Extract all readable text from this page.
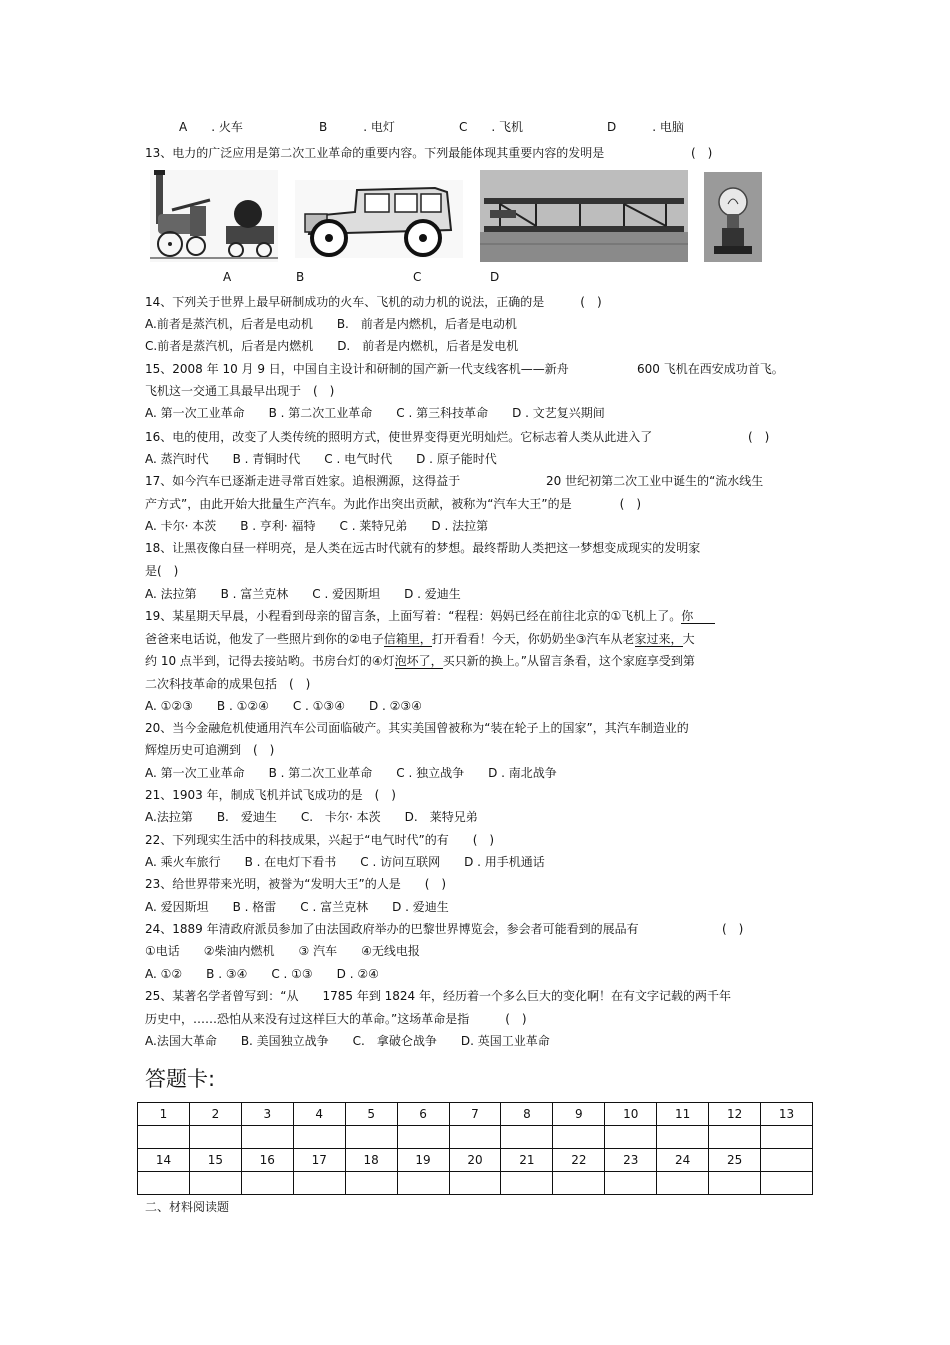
A　　. 火车	B　　　. 电灯	C　　. 飞机	D　　　. 电脑
13、电力的广泛应用是第二次工业革命的重要内容。下列最能体现其重要内容的发明是	(　)
A	B	C	D
14、下列关于世界上最早研制成功的火车、飞机的动力机的说法，正确的是　　　(　)
A.前者是蒸汽机，后者是电动机　　B.　前者是内燃机，后者是电动机
C.前者是蒸汽机，后者是内燃机　　D.　前者是内燃机，后者是发电机
15、2008 年 10 月 9 日，中国自主设计和研制的国产新一代支线客机——新舟	600 飞机在西安成功首飞。
飞机这一交通工具最早出现于　(　)
A. 第一次工业革命　　B . 第二次工业革命　　C . 第三科技革命　　D . 文艺复兴期间
16、电的使用，改变了人类传统的照明方式，使世界变得更光明灿烂。它标志着人类从此进入了	(　)
A. 蒸汽时代　　B . 青铜时代　　C . 电气时代　　D . 原子能时代
17、如今汽车已逐渐走进寻常百姓家。追根溯源，这得益于	20 世纪初第二次工业中诞生的“流水线生
产方式”，由此开始大批量生产汽车。为此作出突出贡献，被称为“汽车大王”的是　　　　(　)
A. 卡尔· 本茨　　B . 亨利· 福特　　C . 莱特兄弟　　D . 法拉第
18、让黑夜像白昼一样明亮，是人类在远古时代就有的梦想。最终帮助人类把这一梦想变成现实的发明家
是(　)
A. 法拉第　　B . 富兰克林　　C . 爱因斯坦　　D . 爱迪生
19、某星期天早晨，小程看到母亲的留言条，上面写着：“程程：妈妈已经在前往北京的①飞机上了。你
爸爸来电话说，他发了一些照片到你的②电子信箱里，打开看看！今天，你奶奶坐③汽车从老家过来，大
约 10 点半到，记得去接站哟。书房台灯的④灯泡坏了，买只新的换上。”从留言条看，这个家庭享受到第
二次科技革命的成果包括　(　)
A. ①②③　　B . ①②④　　C . ①③④　　D . ②③④
20、当今金融危机使通用汽车公司面临破产。其实美国曾被称为“装在轮子上的国家”，其汽车制造业的
辉煌历史可追溯到　(　)
A. 第一次工业革命　　B . 第二次工业革命　　C . 独立战争　　D . 南北战争
21、1903 年，制成飞机并试飞成功的是　(　)
A.法拉第　　B.　爱迪生　　C.　卡尔· 本茨　　D.　莱特兄弟
22、下列现实生活中的科技成果，兴起于“电气时代”的有　　(　)
A. 乘火车旅行　　B . 在电灯下看书　　C . 访问互联网　　D . 用手机通话
23、给世界带来光明，被誉为“发明大王”的人是　　(　)
A. 爱因斯坦　　B . 格雷　　C . 富兰克林　　D . 爱迪生
24、1889 年清政府派员参加了由法国政府举办的巴黎世界博览会，参会者可能看到的展品有	(　)
①电话　　②柴油内燃机　　③ 汽车　　④无线电报
A. ①②　　B . ③④　　C . ①③　　D . ②④
25、某著名学者曾写到：“从　　1785 年到 1824 年，经历着一个多么巨大的变化啊！在有文字记载的两千年
历史中，……恐怕从来没有过这样巨大的革命。”这场革命是指　　　(　)
A.法国大革命　　B. 美国独立战争　　C.　拿破仑战争　　D. 英国工业革命
答题卡:
1	2	3	4	5	6	7	8	9	10	11	12	13

14	15	16	17	18	19	20	21	22	23	24	25	

二、材料阅读题
